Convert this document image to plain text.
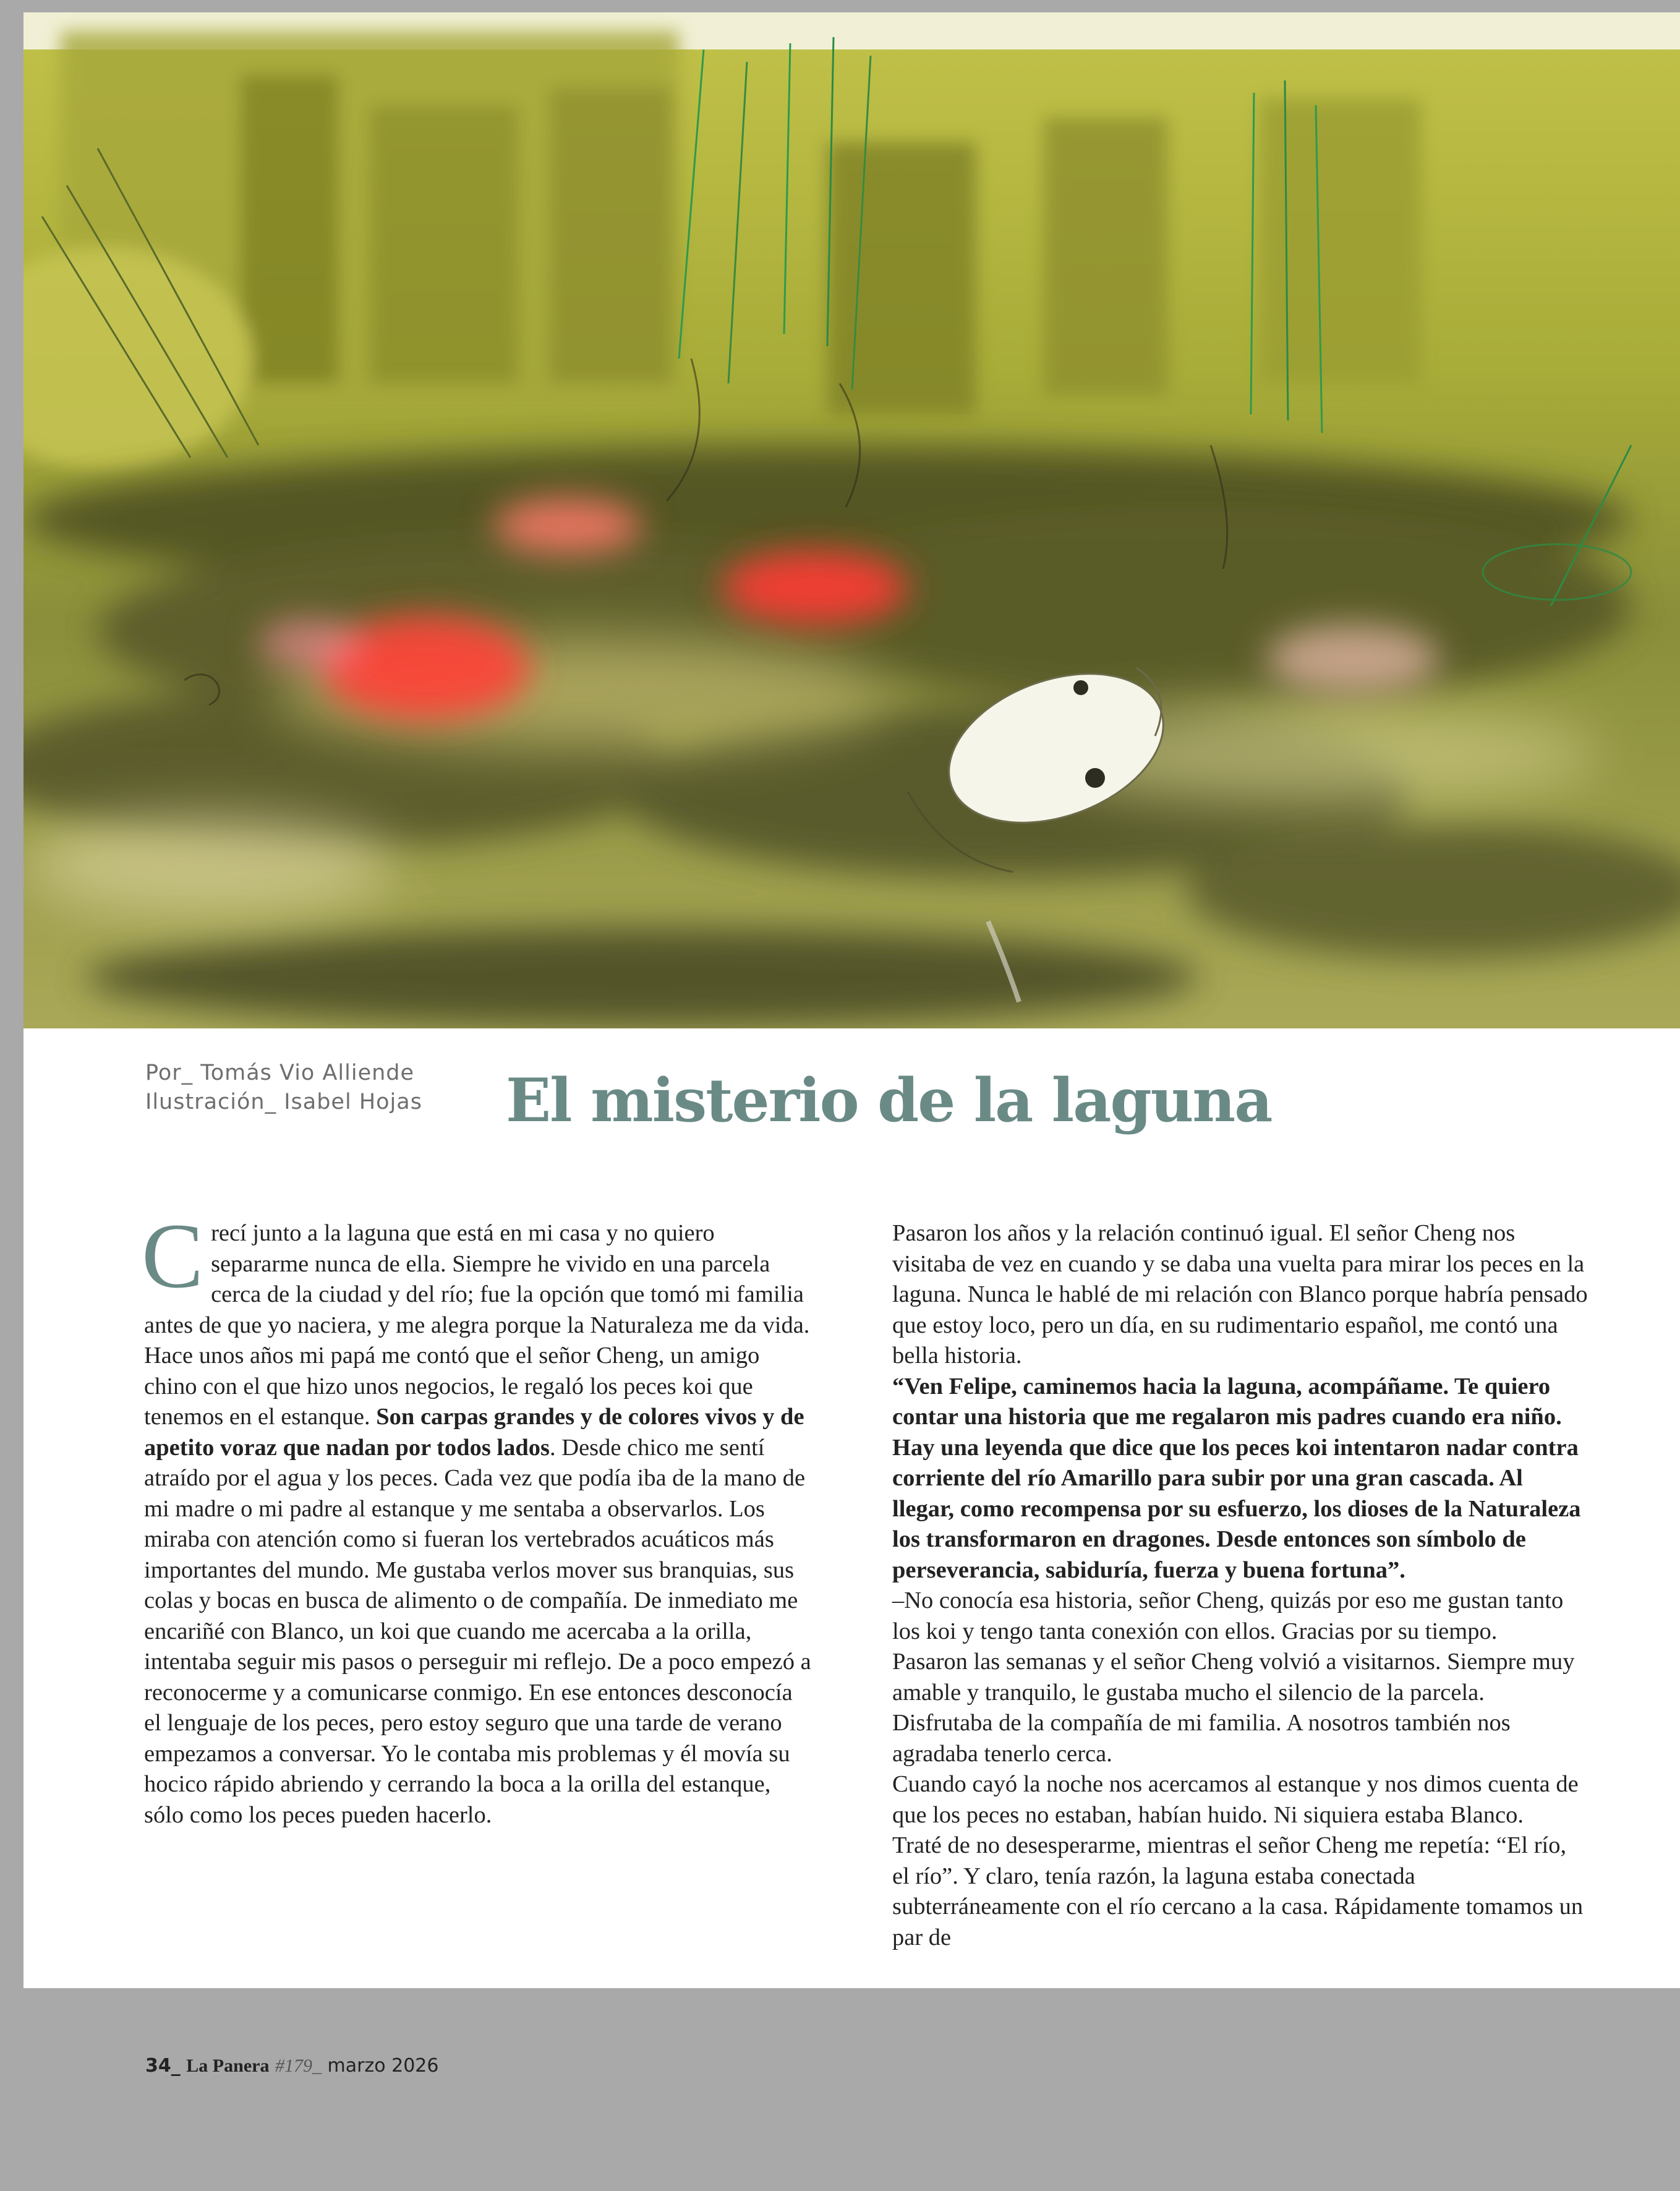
Por_ Tomás Vio Alliende
Ilustración_ Isabel Hojas El misterio de la laguna

Crecí junto a la laguna que está en mi casa y no quiero separarme nunca de ella. Siempre he vivido en una parcela cerca de la ciudad y del río; fue la opción que tomó mi familia antes de que yo naciera, y me alegra porque la Naturaleza me da vida.

Hace unos años mi papá me contó que el señor Cheng, un amigo chino con el que hizo unos negocios, le regaló los peces koi que tenemos en el estanque. Son carpas grandes y de colores vivos y de apetito voraz que nadan por todos lados. Desde chico me sentí atraído por el agua y los peces. Cada vez que podía iba de la mano de mi madre o mi padre al estanque y me sentaba a observarlos. Los miraba con atención como si fueran los vertebrados acuáticos más importantes del mundo. Me gustaba verlos mover sus branquias, sus colas y bocas en busca de alimento o de compañía. De inmediato me encariñé con Blanco, un koi que cuando me acercaba a la orilla, intentaba seguir mis pasos o perseguir mi reflejo. De a poco empezó a reconocerme y a comunicarse conmigo. En ese entonces desconocía el lenguaje de los peces, pero estoy seguro que una tarde de verano empezamos a conversar. Yo le contaba mis problemas y él movía su hocico rápido abriendo y cerrando la boca a la orilla del estanque, sólo como los peces pueden hacerlo.

Pasaron los años y la relación continuó igual. El señor Cheng nos visitaba de vez en cuando y se daba una vuelta para mirar los peces en la laguna. Nunca le hablé de mi relación con Blanco porque habría pensado que estoy loco, pero un día, en su rudimentario español, me contó una bella historia.

“Ven Felipe, caminemos hacia la laguna, acompáñame. Te quiero contar una historia que me regalaron mis padres cuando era niño. Hay una leyenda que dice que los peces koi intentaron nadar contra corriente del río Amarillo para subir por una gran cascada. Al llegar, como recompensa por su esfuerzo, los dioses de la Naturaleza los transformaron en dragones. Desde entonces son símbolo de perseverancia, sabiduría, fuerza y buena fortuna”.

–No conocía esa historia, señor Cheng, quizás por eso me gustan tanto los koi y tengo tanta conexión con ellos. Gracias por su tiempo.

Pasaron las semanas y el señor Cheng volvió a visitarnos. Siempre muy amable y tranquilo, le gustaba mucho el silencio de la parcela. Disfrutaba de la compañía de mi familia. A nosotros también nos agradaba tenerlo cerca.

Cuando cayó la noche nos acercamos al estanque y nos dimos cuenta de que los peces no estaban, habían huido. Ni siquiera estaba Blanco.

Traté de no desesperarme, mientras el señor Cheng me repetía: “El río, el río”. Y claro, tenía razón, la laguna estaba conectada subterráneamente con el río cercano a la casa. Rápidamente tomamos un par de

34_ La Panera #179_ marzo 2026
